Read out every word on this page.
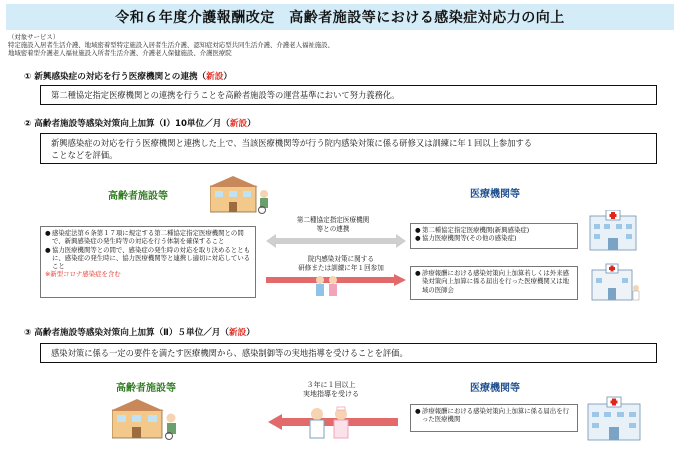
令和６年度介護報酬改定　高齢者施設等における感染症対応力の向上
（対象サービス）
特定施設入居者生活介護、地域密着型特定施設入居者生活介護、認知症対応型共同生活介護、介護老人福祉施設、
地域密着型介護老人福祉施設入所者生活介護、介護老人保健施設、介護医療院
① 新興感染症の対応を行う医療機関との連携（新設）
第二種協定指定医療機関との連携を行うことを高齢者施設等の運営基準において努力義務化。
② 高齢者施設等感染対策向上加算（Ⅰ）10単位／月（新設）
新興感染症の対応を行う医療機関と連携した上で、当該医療機関等が行う院内感染対策に係る研修又は訓練に年１回以上参加する
ことなどを評価。
高齢者施設等	医療機関等
● 感染症法第６条第１７項に規定する第二種協定指定医療機関との間で、新興感染症の発生時等の対応を行う体制を確保すること
● 協力医療機関等との間で、感染症の発生時の対応を取り決めるとともに、感染症の発生時に、協力医療機関等と連携し適切に対応していること
※新型コロナ感染症を含む
第二種協定指定医療機関
等との連携
院内感染対策に関する
研修または訓練に年１回参加
● 第二種協定指定医療機関(新興感染症)
● 協力医療機関等(その他の感染症)
● 診療報酬における感染対策向上加算若しくは外来感染対策向上加算に係る届出を行った医療機関又は地域の医師会
③ 高齢者施設等感染対策向上加算（Ⅱ）５単位／月（新設）
感染対策に係る一定の要件を満たす医療機関から、感染制御等の実地指導を受けることを評価。
高齢者施設等	医療機関等
３年に１回以上
実地指導を受ける
● 診療報酬における感染対策向上加算に係る届出を行った医療機関
